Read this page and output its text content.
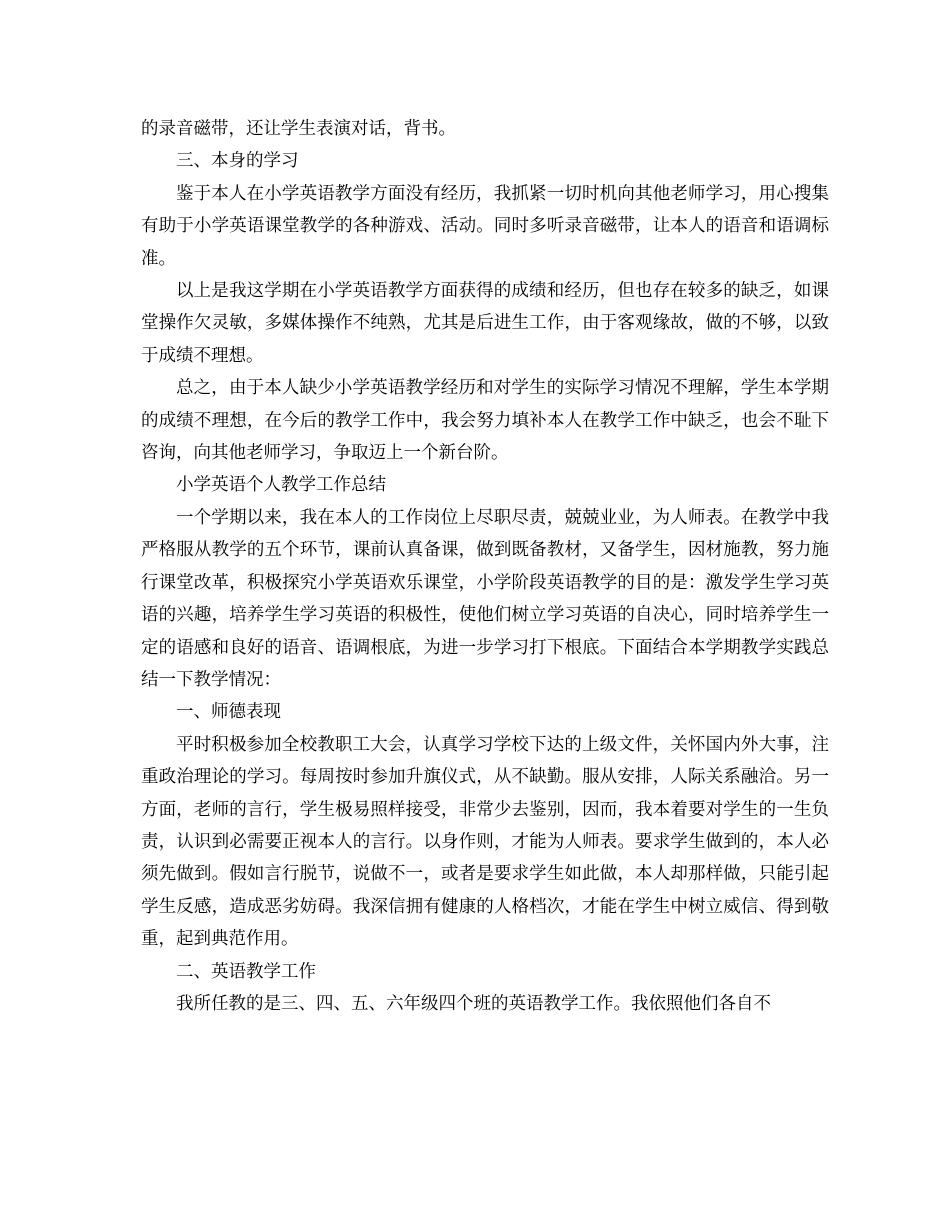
的录音磁带，还让学生表演对话，背书。

三、本身的学习

鉴于本人在小学英语教学方面没有经历，我抓紧一切时机向其他老师学习，用心搜集有助于小学英语课堂教学的各种游戏、活动。同时多听录音磁带，让本人的语音和语调标准。

以上是我这学期在小学英语教学方面获得的成绩和经历，但也存在较多的缺乏，如课堂操作欠灵敏，多媒体操作不纯熟，尤其是后进生工作，由于客观缘故，做的不够，以致于成绩不理想。

总之，由于本人缺少小学英语教学经历和对学生的实际学习情况不理解，学生本学期的成绩不理想，在今后的教学工作中，我会努力填补本人在教学工作中缺乏，也会不耻下咨询，向其他老师学习，争取迈上一个新台阶。

小学英语个人教学工作总结

一个学期以来，我在本人的工作岗位上尽职尽责，兢兢业业，为人师表。在教学中我严格服从教学的五个环节，课前认真备课，做到既备教材，又备学生，因材施教，努力施行课堂改革，积极探究小学英语欢乐课堂，小学阶段英语教学的目的是：激发学生学习英语的兴趣，培养学生学习英语的积极性，使他们树立学习英语的自决心，同时培养学生一定的语感和良好的语音、语调根底，为进一步学习打下根底。下面结合本学期教学实践总结一下教学情况：

一、师德表现

平时积极参加全校教职工大会，认真学习学校下达的上级文件，关怀国内外大事，注重政治理论的学习。每周按时参加升旗仪式，从不缺勤。服从安排，人际关系融洽。另一方面，老师的言行，学生极易照样接受，非常少去鉴别，因而，我本着要对学生的一生负责，认识到必需要正视本人的言行。以身作则，才能为人师表。要求学生做到的，本人必须先做到。假如言行脱节，说做不一，或者是要求学生如此做，本人却那样做，只能引起学生反感，造成恶劣妨碍。我深信拥有健康的人格档次，才能在学生中树立威信、得到敬重，起到典范作用。

二、英语教学工作

我所任教的是三、四、五、六年级四个班的英语教学工作。我依照他们各自不
